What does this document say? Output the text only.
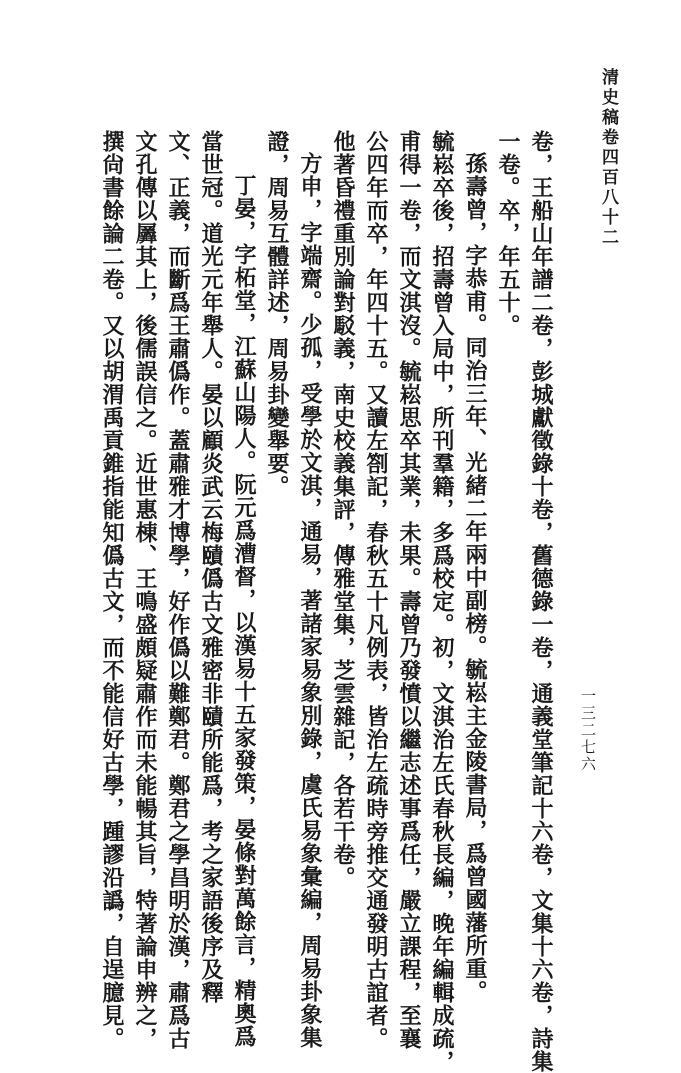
清史稿卷四百八十二
一三二七六
卷，王船山年譜二卷，彭城獻徵錄十卷，舊德錄一卷，通義堂筆記十六卷，文集十六卷，詩集
一卷。卒，年五十。
孫壽曾，字恭甫。同治三年、光緒二年兩中副榜。毓崧主金陵書局，爲曾國藩所重。
毓崧卒後，招壽曾入局中，所刊羣籍，多爲校定。初，文淇治左氏春秋長編，晚年編輯成疏，
甫得一卷，而文淇沒。毓崧思卒其業，未果。壽曾乃發憤以繼志述事爲任，嚴立課程，至襄
公四年而卒，年四十五。又讀左劄記，春秋五十凡例表，皆治左疏時旁推交通發明古誼者。
他著昏禮重別論對駁義，南史校義集評，傳雅堂集，芝雲雜記，各若干卷。
方申，字端齋。少孤，受學於文淇，通易，著諸家易象別錄，虞氏易象彙編，周易卦象集
證，周易互體詳述，周易卦變舉要。
丁晏，字柘堂，江蘇山陽人。阮元爲漕督，以漢易十五家發策，晏條對萬餘言，精奧爲
當世冠。道光元年舉人。晏以顧炎武云梅賾僞古文雅密非賾所能爲，考之家語後序及釋
文、正義，而斷爲王肅僞作。蓋肅雅才博學，好作僞以難鄭君。鄭君之學昌明於漢，肅爲古
文孔傳以羼其上，後儒誤信之。近世惠棟、王鳴盛頗疑肅作而未能暢其旨，特著論申辨之，
撰尙書餘論二卷。又以胡渭禹貢錐指能知僞古文，而不能信好古學，踵謬沿譌，自逞臆見。
